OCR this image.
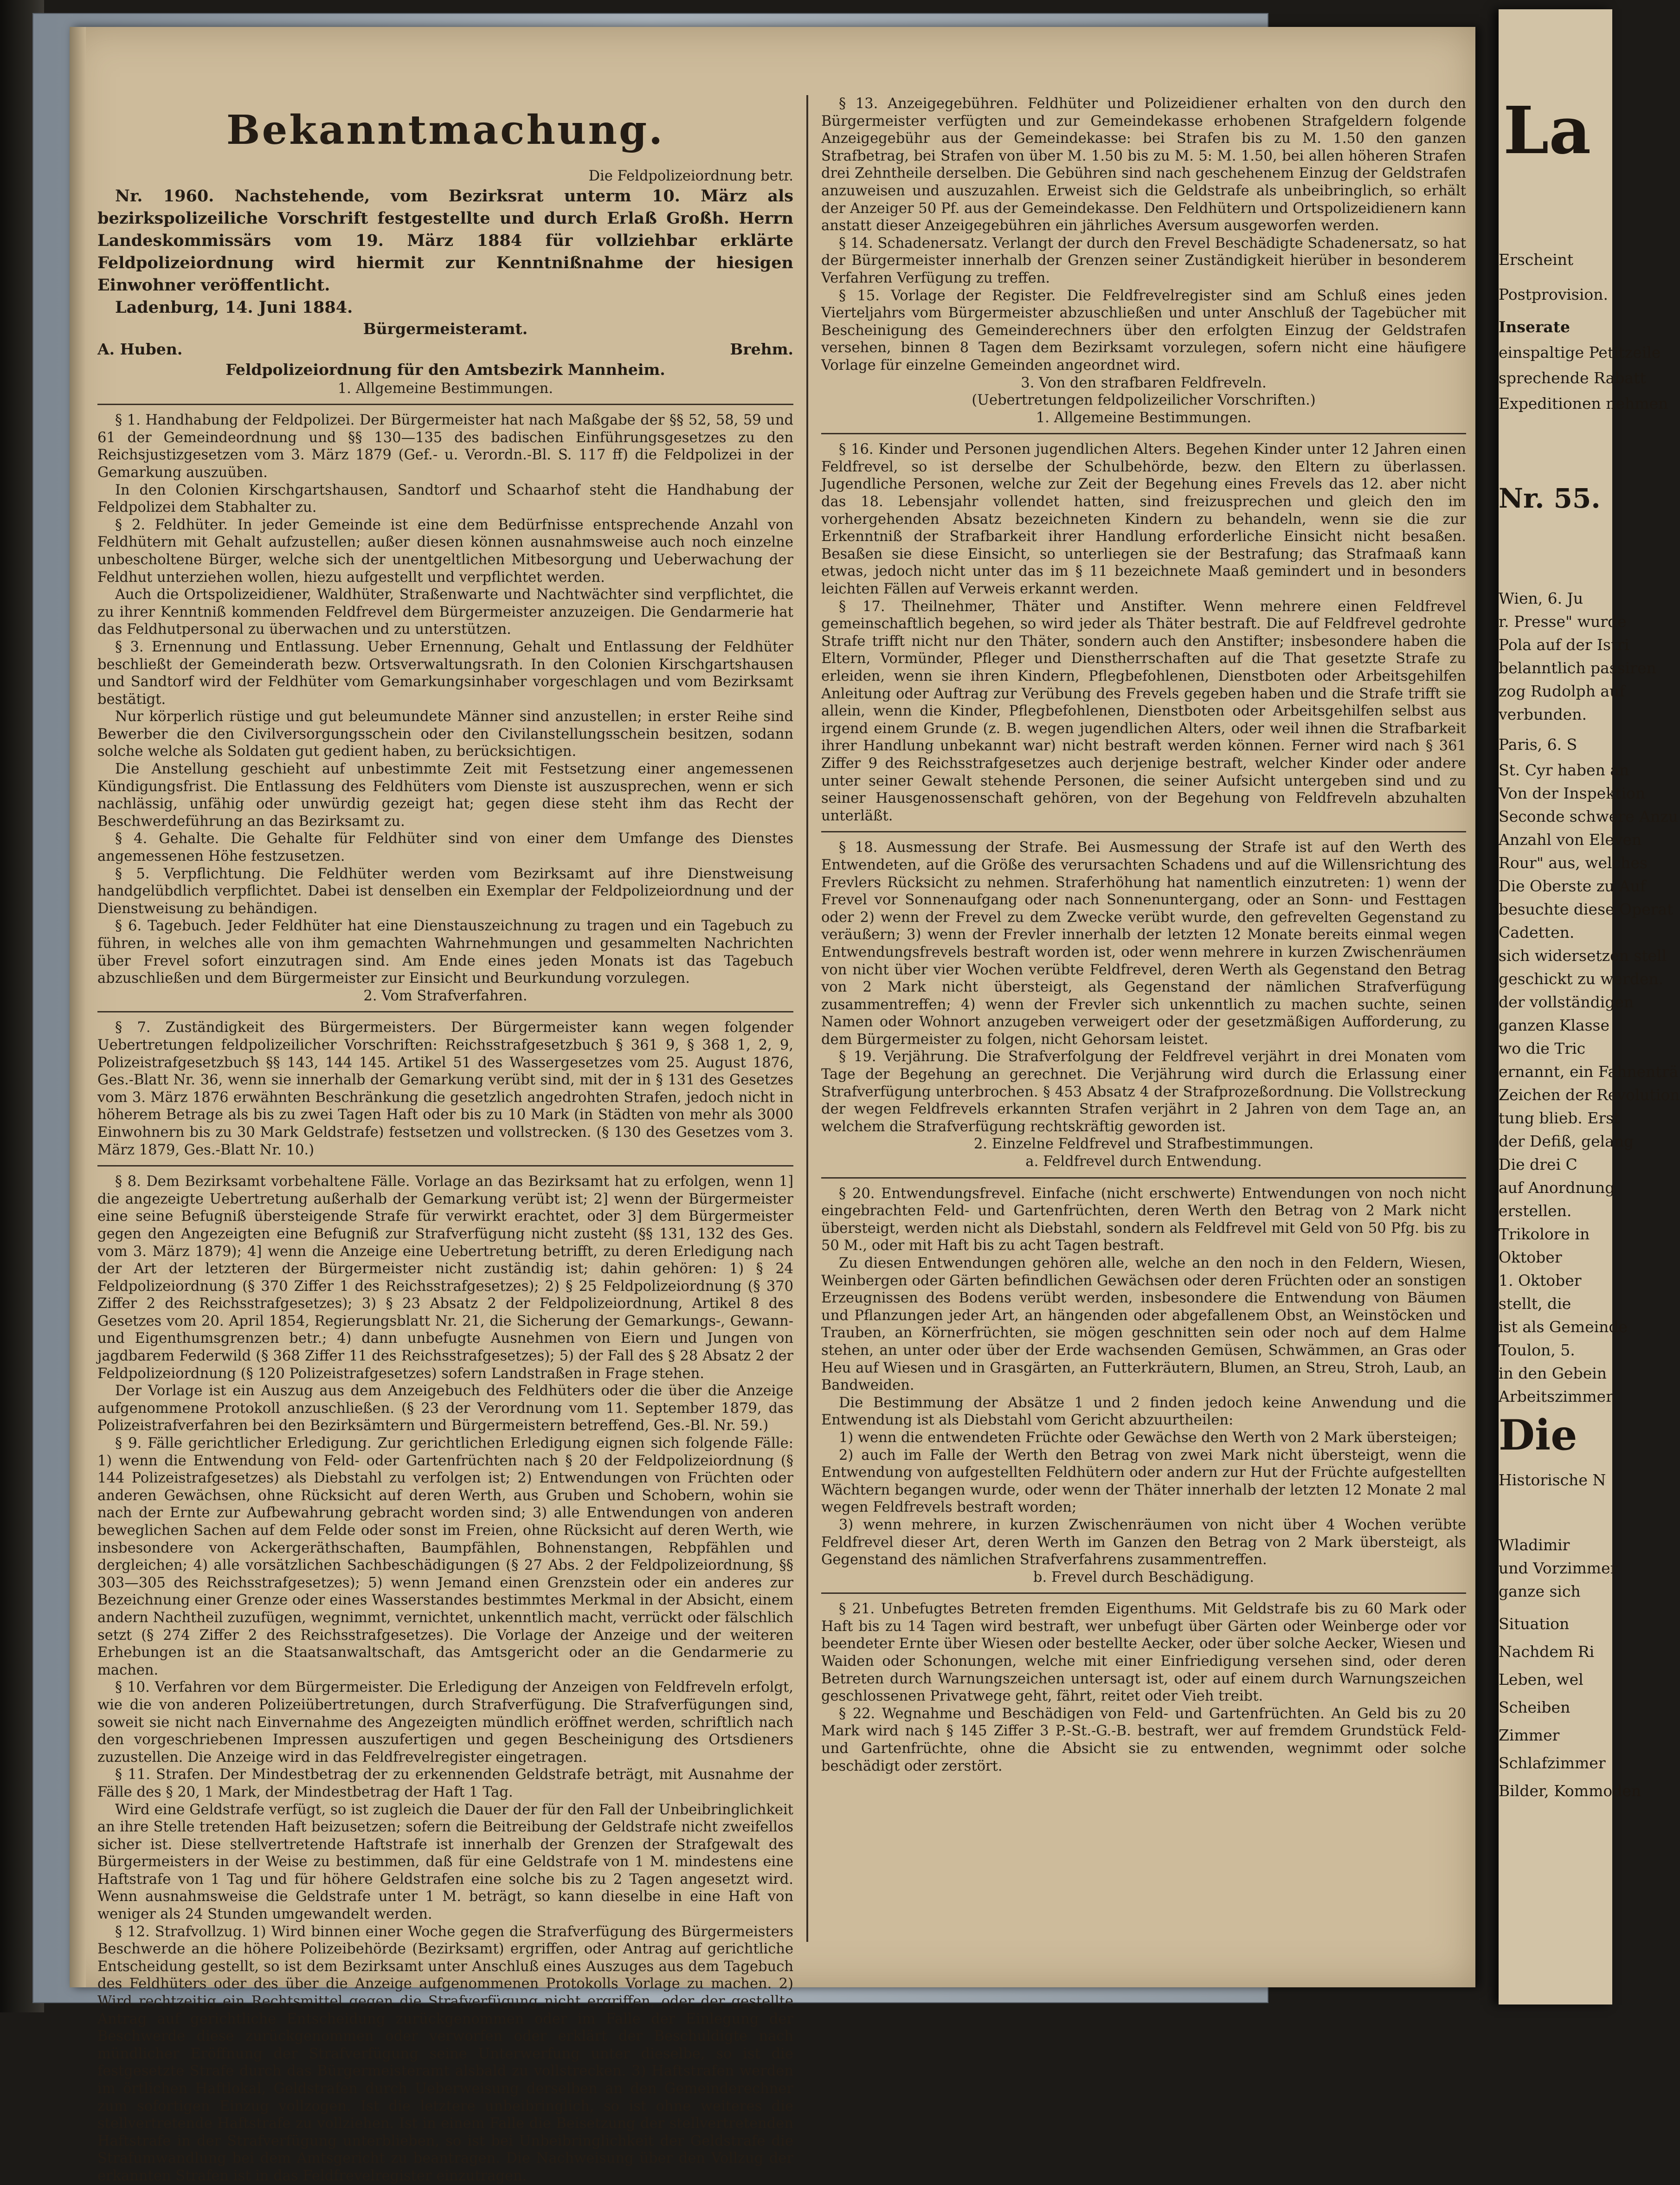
Bekanntmachung.

Die Feldpolizeiordnung betr.

Nr. 1960. Nachstehende, vom Bezirksrat unterm 10. März als bezirkspolizeiliche Vorschrift festgestellte und durch Erlaß Großh. Herrn Landeskommissärs vom 19. März 1884 für vollziehbar erklärte Feldpolizeiordnung wird hiermit zur Kenntnißnahme der hiesigen Einwohner veröffentlicht.

Ladenburg, 14. Juni 1884.

Bürgermeisteramt.
A. Huben.	Brehm.
Feldpolizeiordnung für den Amtsbezirk Mannheim.

1. Allgemeine Bestimmungen.

§ 1. Handhabung der Feldpolizei. Der Bürgermeister hat nach Maßgabe der §§ 52, 58, 59 und 61 der Gemeindeordnung und §§ 130—135 des badischen Einführungsgesetzes zu den Reichsjustizgesetzen vom 3. März 1879 (Gef.- u. Verordn.-Bl. S. 117 ff) die Feldpolizei in der Gemarkung auszuüben.

In den Colonien Kirschgartshausen, Sandtorf und Schaarhof steht die Handhabung der Feldpolizei dem Stabhalter zu.

§ 2. Feldhüter. In jeder Gemeinde ist eine dem Bedürfnisse entsprechende Anzahl von Feldhütern mit Gehalt aufzustellen; außer diesen können ausnahmsweise auch noch einzelne unbescholtene Bürger, welche sich der unentgeltlichen Mitbesorgung und Ueberwachung der Feldhut unterziehen wollen, hiezu aufgestellt und verpflichtet werden.

Auch die Ortspolizeidiener, Waldhüter, Straßenwarte und Nachtwächter sind verpflichtet, die zu ihrer Kenntniß kommenden Feldfrevel dem Bürgermeister anzuzeigen. Die Gendarmerie hat das Feldhutpersonal zu überwachen und zu unterstützen.

§ 3. Ernennung und Entlassung. Ueber Ernennung, Gehalt und Entlassung der Feldhüter beschließt der Gemeinderath bezw. Ortsverwaltungsrath. In den Colonien Kirschgartshausen und Sandtorf wird der Feldhüter vom Gemarkungsinhaber vorgeschlagen und vom Bezirksamt bestätigt.

Nur körperlich rüstige und gut beleumundete Männer sind anzustellen; in erster Reihe sind Bewerber die den Civilversorgungsschein oder den Civilanstellungsschein besitzen, sodann solche welche als Soldaten gut gedient haben, zu berücksichtigen.

Die Anstellung geschieht auf unbestimmte Zeit mit Festsetzung einer angemessenen Kündigungsfrist. Die Entlassung des Feldhüters vom Dienste ist auszusprechen, wenn er sich nachlässig, unfähig oder unwürdig gezeigt hat; gegen diese steht ihm das Recht der Beschwerdeführung an das Bezirksamt zu.

§ 4. Gehalte. Die Gehalte für Feldhüter sind von einer dem Umfange des Dienstes angemessenen Höhe festzusetzen.

§ 5. Verpflichtung. Die Feldhüter werden vom Bezirksamt auf ihre Dienstweisung handgelübdlich verpflichtet. Dabei ist denselben ein Exemplar der Feldpolizeiordnung und der Dienstweisung zu behändigen.

§ 6. Tagebuch. Jeder Feldhüter hat eine Dienstauszeichnung zu tragen und ein Tagebuch zu führen, in welches alle von ihm gemachten Wahrnehmungen und gesammelten Nachrichten über Frevel sofort einzutragen sind. Am Ende eines jeden Monats ist das Tagebuch abzuschließen und dem Bürgermeister zur Einsicht und Beurkundung vorzulegen.

2. Vom Strafverfahren.

§ 7. Zuständigkeit des Bürgermeisters. Der Bürgermeister kann wegen folgender Uebertretungen feldpolizeilicher Vorschriften: Reichsstrafgesetzbuch § 361 9, § 368 1, 2, 9, Polizeistrafgesetzbuch §§ 143, 144 145. Artikel 51 des Wassergesetzes vom 25. August 1876, Ges.-Blatt Nr. 36, wenn sie innerhalb der Gemarkung verübt sind, mit der in § 131 des Gesetzes vom 3. März 1876 erwähnten Beschränkung die gesetzlich angedrohten Strafen, jedoch nicht in höherem Betrage als bis zu zwei Tagen Haft oder bis zu 10 Mark (in Städten von mehr als 3000 Einwohnern bis zu 30 Mark Geldstrafe) festsetzen und vollstrecken. (§ 130 des Gesetzes vom 3. März 1879, Ges.-Blatt Nr. 10.)

§ 8. Dem Bezirksamt vorbehaltene Fälle. Vorlage an das Bezirksamt hat zu erfolgen, wenn 1] die angezeigte Uebertretung außerhalb der Gemarkung verübt ist; 2] wenn der Bürgermeister eine seine Befugniß übersteigende Strafe für verwirkt erachtet, oder 3] dem Bürgermeister gegen den Angezeigten eine Befugniß zur Strafverfügung nicht zusteht (§§ 131, 132 des Ges. vom 3. März 1879); 4] wenn die Anzeige eine Uebertretung betrifft, zu deren Erledigung nach der Art der letzteren der Bürgermeister nicht zuständig ist; dahin gehören: 1) § 24 Feldpolizeiordnung (§ 370 Ziffer 1 des Reichsstrafgesetzes); 2) § 25 Feldpolizeiordnung (§ 370 Ziffer 2 des Reichsstrafgesetzes); 3) § 23 Absatz 2 der Feldpolizeiordnung, Artikel 8 des Gesetzes vom 20. April 1854, Regierungsblatt Nr. 21, die Sicherung der Gemarkungs-, Gewann- und Eigenthumsgrenzen betr.; 4) dann unbefugte Ausnehmen von Eiern und Jungen von jagdbarem Federwild (§ 368 Ziffer 11 des Reichsstrafgesetzes); 5) der Fall des § 28 Absatz 2 der Feldpolizeiordnung (§ 120 Polizeistrafgesetzes) sofern Landstraßen in Frage stehen.

Der Vorlage ist ein Auszug aus dem Anzeigebuch des Feldhüters oder die über die Anzeige aufgenommene Protokoll anzuschließen. (§ 23 der Verordnung vom 11. September 1879, das Polizeistrafverfahren bei den Bezirksämtern und Bürgermeistern betreffend, Ges.-Bl. Nr. 59.)

§ 9. Fälle gerichtlicher Erledigung. Zur gerichtlichen Erledigung eignen sich folgende Fälle: 1) wenn die Entwendung von Feld- oder Gartenfrüchten nach § 20 der Feldpolizeiordnung (§ 144 Polizeistrafgesetzes) als Diebstahl zu verfolgen ist; 2) Entwendungen von Früchten oder anderen Gewächsen, ohne Rücksicht auf deren Werth, aus Gruben und Schobern, wohin sie nach der Ernte zur Aufbewahrung gebracht worden sind; 3) alle Entwendungen von anderen beweglichen Sachen auf dem Felde oder sonst im Freien, ohne Rücksicht auf deren Werth, wie insbesondere von Ackergeräthschaften, Baumpfählen, Bohnenstangen, Rebpfählen und dergleichen; 4) alle vorsätzlichen Sachbeschädigungen (§ 27 Abs. 2 der Feldpolizeiordnung, §§ 303—305 des Reichsstrafgesetzes); 5) wenn Jemand einen Grenzstein oder ein anderes zur Bezeichnung einer Grenze oder eines Wasserstandes bestimmtes Merkmal in der Absicht, einem andern Nachtheil zuzufügen, wegnimmt, vernichtet, unkenntlich macht, verrückt oder fälschlich setzt (§ 274 Ziffer 2 des Reichsstrafgesetzes). Die Vorlage der Anzeige und der weiteren Erhebungen ist an die Staatsanwaltschaft, das Amtsgericht oder an die Gendarmerie zu machen.

§ 10. Verfahren vor dem Bürgermeister. Die Erledigung der Anzeigen von Feldfreveln erfolgt, wie die von anderen Polizeiübertretungen, durch Strafverfügung. Die Strafverfügungen sind, soweit sie nicht nach Einvernahme des Angezeigten mündlich eröffnet werden, schriftlich nach den vorgeschriebenen Impressen auszufertigen und gegen Bescheinigung des Ortsdieners zuzustellen. Die Anzeige wird in das Feldfrevelregister eingetragen.

§ 11. Strafen. Der Mindestbetrag der zu erkennenden Geldstrafe beträgt, mit Ausnahme der Fälle des § 20, 1 Mark, der Mindestbetrag der Haft 1 Tag.

Wird eine Geldstrafe verfügt, so ist zugleich die Dauer der für den Fall der Unbeibringlichkeit an ihre Stelle tretenden Haft beizusetzen; sofern die Beitreibung der Geldstrafe nicht zweifellos sicher ist. Diese stellvertretende Haftstrafe ist innerhalb der Grenzen der Strafgewalt des Bürgermeisters in der Weise zu bestimmen, daß für eine Geldstrafe von 1 M. mindestens eine Haftstrafe von 1 Tag und für höhere Geldstrafen eine solche bis zu 2 Tagen angesetzt wird. Wenn ausnahmsweise die Geldstrafe unter 1 M. beträgt, so kann dieselbe in eine Haft von weniger als 24 Stunden umgewandelt werden.

§ 12. Strafvollzug. 1) Wird binnen einer Woche gegen die Strafverfügung des Bürgermeisters Beschwerde an die höhere Polizeibehörde (Bezirksamt) ergriffen, oder Antrag auf gerichtliche Entscheidung gestellt, so ist dem Bezirksamt unter Anschluß eines Auszuges aus dem Tagebuch des Feldhüters oder des über die Anzeige aufgenommenen Protokolls Vorlage zu machen. 2) Wird rechtzeitig ein Rechtsmittel gegen die Strafverfügung nicht ergriffen, oder der gestellte Antrag auf gerichtliche Entscheidung zurückgenommen oder im Falle der Einlegung der Beschwerde diese zurückgenommen oder verworfen oder erklärt der Beschuldigte nach mündlicher Eröffnung der Strafverfügung seine Unterwerfung unter dieselbe, so ist die festgesetzte Strafe durch das Bürgermeisteramt alsbald zu vollstrecken. 3) Haftstrafen werden im örtlichen Haftlokal, Geldstrafen durch Ueberweisung derselben an den Gemeinderechner zum sofortigen Einzug vollzogen. Ist die letztere unbeibringlich, so ist ohne weiteres die stellvertretende Haftstrafe zu vollziehen. Ist in einem Falle die Beisetzung der stellvertretenden Haftstrafe in der Strafverfügung unterblieben, so ist bei Unbeibringlichkeit der Geldstrafe die Strafumwandlung bei dem Amtsgericht zu beantragen. Die Nachweisung über den Vollzug der erkannten Strafen ist in das Feldfrevelregister einzutragen.

§ 13. Anzeigegebühren. Feldhüter und Polizeidiener erhalten von den durch den Bürgermeister verfügten und zur Gemeindekasse erhobenen Strafgeldern folgende Anzeigegebühr aus der Gemeindekasse: bei Strafen bis zu M. 1.50 den ganzen Strafbetrag, bei Strafen von über M. 1.50 bis zu M. 5: M. 1.50, bei allen höheren Strafen drei Zehntheile derselben. Die Gebühren sind nach geschehenem Einzug der Geldstrafen anzuweisen und auszuzahlen. Erweist sich die Geldstrafe als unbeibringlich, so erhält der Anzeiger 50 Pf. aus der Gemeindekasse. Den Feldhütern und Ortspolizeidienern kann anstatt dieser Anzeigegebühren ein jährliches Aversum ausgeworfen werden.

§ 14. Schadenersatz. Verlangt der durch den Frevel Beschädigte Schadenersatz, so hat der Bürgermeister innerhalb der Grenzen seiner Zuständigkeit hierüber in besonderem Verfahren Verfügung zu treffen.

§ 15. Vorlage der Register. Die Feldfrevelregister sind am Schluß eines jeden Vierteljahrs vom Bürgermeister abzuschließen und unter Anschluß der Tagebücher mit Bescheinigung des Gemeinderechners über den erfolgten Einzug der Geldstrafen versehen, binnen 8 Tagen dem Bezirksamt vorzulegen, sofern nicht eine häufigere Vorlage für einzelne Gemeinden angeordnet wird.

3. Von den strafbaren Feldfreveln.

(Uebertretungen feldpolizeilicher Vorschriften.)

1. Allgemeine Bestimmungen.

§ 16. Kinder und Personen jugendlichen Alters. Begehen Kinder unter 12 Jahren einen Feldfrevel, so ist derselbe der Schulbehörde, bezw. den Eltern zu überlassen. Jugendliche Personen, welche zur Zeit der Begehung eines Frevels das 12. aber nicht das 18. Lebensjahr vollendet hatten, sind freizusprechen und gleich den im vorhergehenden Absatz bezeichneten Kindern zu behandeln, wenn sie die zur Erkenntniß der Strafbarkeit ihrer Handlung erforderliche Einsicht nicht besaßen. Besaßen sie diese Einsicht, so unterliegen sie der Bestrafung; das Strafmaaß kann etwas, jedoch nicht unter das im § 11 bezeichnete Maaß gemindert und in besonders leichten Fällen auf Verweis erkannt werden.

§ 17. Theilnehmer, Thäter und Anstifter. Wenn mehrere einen Feldfrevel gemeinschaftlich begehen, so wird jeder als Thäter bestraft. Die auf Feldfrevel gedrohte Strafe trifft nicht nur den Thäter, sondern auch den Anstifter; insbesondere haben die Eltern, Vormünder, Pfleger und Dienstherrschaften auf die That gesetzte Strafe zu erleiden, wenn sie ihren Kindern, Pflegbefohlenen, Dienstboten oder Arbeitsgehilfen Anleitung oder Auftrag zur Verübung des Frevels gegeben haben und die Strafe trifft sie allein, wenn die Kinder, Pflegbefohlenen, Dienstboten oder Arbeitsgehilfen selbst aus irgend einem Grunde (z. B. wegen jugendlichen Alters, oder weil ihnen die Strafbarkeit ihrer Handlung unbekannt war) nicht bestraft werden können. Ferner wird nach § 361 Ziffer 9 des Reichsstrafgesetzes auch derjenige bestraft, welcher Kinder oder andere unter seiner Gewalt stehende Personen, die seiner Aufsicht untergeben sind und zu seiner Hausgenossenschaft gehören, von der Begehung von Feldfreveln abzuhalten unterläßt.

§ 18. Ausmessung der Strafe. Bei Ausmessung der Strafe ist auf den Werth des Entwendeten, auf die Größe des verursachten Schadens und auf die Willensrichtung des Frevlers Rücksicht zu nehmen. Straferhöhung hat namentlich einzutreten: 1) wenn der Frevel vor Sonnenaufgang oder nach Sonnenuntergang, oder an Sonn- und Festtagen oder 2) wenn der Frevel zu dem Zwecke verübt wurde, den gefrevelten Gegenstand zu veräußern; 3) wenn der Frevler innerhalb der letzten 12 Monate bereits einmal wegen Entwendungsfrevels bestraft worden ist, oder wenn mehrere in kurzen Zwischenräumen von nicht über vier Wochen verübte Feldfrevel, deren Werth als Gegenstand den Betrag von 2 Mark nicht übersteigt, als Gegenstand der nämlichen Strafverfügung zusammentreffen; 4) wenn der Frevler sich unkenntlich zu machen suchte, seinen Namen oder Wohnort anzugeben verweigert oder der gesetzmäßigen Aufforderung, zu dem Bürgermeister zu folgen, nicht Gehorsam leistet.

§ 19. Verjährung. Die Strafverfolgung der Feldfrevel verjährt in drei Monaten vom Tage der Begehung an gerechnet. Die Verjährung wird durch die Erlassung einer Strafverfügung unterbrochen. § 453 Absatz 4 der Strafprozeßordnung. Die Vollstreckung der wegen Feldfrevels erkannten Strafen verjährt in 2 Jahren von dem Tage an, an welchem die Strafverfügung rechtskräftig geworden ist.

2. Einzelne Feldfrevel und Strafbestimmungen.

a. Feldfrevel durch Entwendung.

§ 20. Entwendungsfrevel. Einfache (nicht erschwerte) Entwendungen von noch nicht eingebrachten Feld- und Gartenfrüchten, deren Werth den Betrag von 2 Mark nicht übersteigt, werden nicht als Diebstahl, sondern als Feldfrevel mit Geld von 50 Pfg. bis zu 50 M., oder mit Haft bis zu acht Tagen bestraft.

Zu diesen Entwendungen gehören alle, welche an den noch in den Feldern, Wiesen, Weinbergen oder Gärten befindlichen Gewächsen oder deren Früchten oder an sonstigen Erzeugnissen des Bodens verübt werden, insbesondere die Entwendung von Bäumen und Pflanzungen jeder Art, an hängenden oder abgefallenem Obst, an Weinstöcken und Trauben, an Körnerfrüchten, sie mögen geschnitten sein oder noch auf dem Halme stehen, an unter oder über der Erde wachsenden Gemüsen, Schwämmen, an Gras oder Heu auf Wiesen und in Grasgärten, an Futterkräutern, Blumen, an Streu, Stroh, Laub, an Bandweiden.

Die Bestimmung der Absätze 1 und 2 finden jedoch keine Anwendung und die Entwendung ist als Diebstahl vom Gericht abzuurtheilen:

1) wenn die entwendeten Früchte oder Gewächse den Werth von 2 Mark übersteigen;

2) auch im Falle der Werth den Betrag von zwei Mark nicht übersteigt, wenn die Entwendung von aufgestellten Feldhütern oder andern zur Hut der Früchte aufgestellten Wächtern begangen wurde, oder wenn der Thäter innerhalb der letzten 12 Monate 2 mal wegen Feldfrevels bestraft worden;

3) wenn mehrere, in kurzen Zwischenräumen von nicht über 4 Wochen verübte Feldfrevel dieser Art, deren Werth im Ganzen den Betrag von 2 Mark übersteigt, als Gegenstand des nämlichen Strafverfahrens zusammentreffen.

b. Frevel durch Beschädigung.

§ 21. Unbefugtes Betreten fremden Eigenthums. Mit Geldstrafe bis zu 60 Mark oder Haft bis zu 14 Tagen wird bestraft, wer unbefugt über Gärten oder Weinberge oder vor beendeter Ernte über Wiesen oder bestellte Aecker, oder über solche Aecker, Wiesen und Waiden oder Schonungen, welche mit einer Einfriedigung versehen sind, oder deren Betreten durch Warnungszeichen untersagt ist, oder auf einem durch Warnungszeichen geschlossenen Privatwege geht, fährt, reitet oder Vieh treibt.

§ 22. Wegnahme und Beschädigen von Feld- und Gartenfrüchten. An Geld bis zu 20 Mark wird nach § 145 Ziffer 3 P.-St.-G.-B. bestraft, wer auf fremdem Grundstück Feld- und Gartenfrüchte, ohne die Absicht sie zu entwenden, wegnimmt oder solche beschädigt oder zerstört.

La
Erscheint
Postprovision.
Inserate
einspaltige Petitzeile
sprechende Rabatt
Expeditionen nehmen
Nr. 55.
Wien, 6. Ju
r. Presse" wurde
Pola auf der Istri
belanntlich passiren
zog Rudolph auf
verbunden.
Paris, 6. S
St. Cyr haben an
Von der Inspektion
Seconde schwere Anzu
Anzahl von Eleven
Rour" aus, welches
Die Oberste zu Auf
besuchte diese Operat
Cadetten.
sich widersetzen stell
geschickt zu werden.
der vollständigen
ganzen Klasse
wo die Tric
ernannt, ein Fahnenträ
Zeichen der Revolution
tung blieb. Erst
der Defiß, gelang
Die drei C
auf Anordnung
erstellen.
Trikolore in
Oktober
1. Oktober
stellt, die
ist als Gemeinde
Toulon, 5.
in den Gebein
Arbeitszimmer
Die
Historische N
Wladimir
und Vorzimmer
ganze sich
Situation
Nachdem Ri
Leben, wel
Scheiben
Zimmer
Schlafzimmer
Bilder, Kommoden
